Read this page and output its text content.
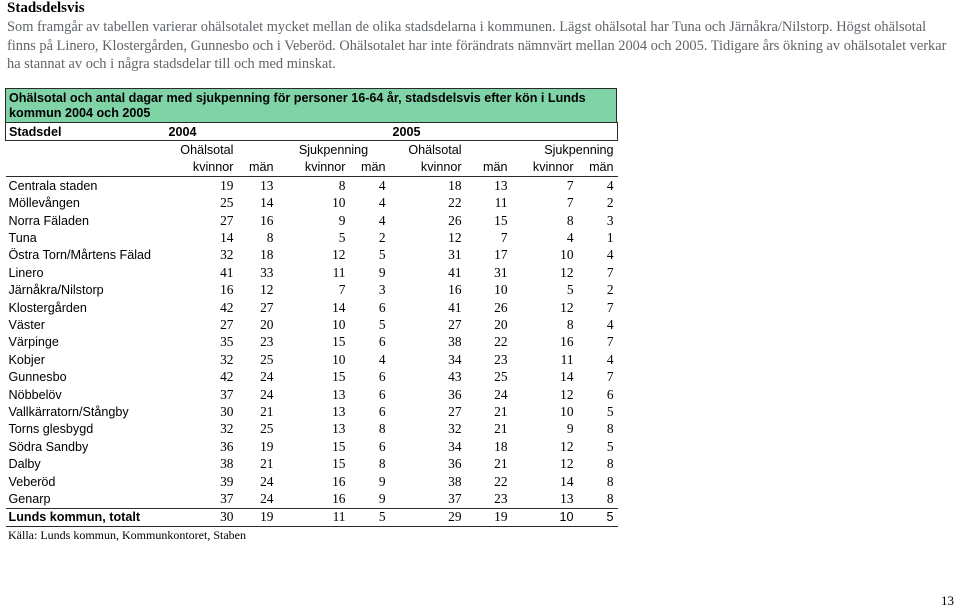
Stadsdelsvis
Som framgår av tabellen varierar ohälsotalet mycket mellan de olika stadsdelarna i kommunen. Lägst ohälsotal har Tuna och Järnåkra/Nilstorp. Högst ohälsotal finns på Linero, Klostergården, Gunnesbo och i Veberöd. Ohälsotalet har inte förändrats nämnvärt mellan 2004 och 2005. Tidigare års ökning av ohälsotalet verkar ha stannat av och i några stadsdelar till och med minskat.
Ohälsotal och antal dagar med sjukpenning för personer 16-64 år, stadsdelsvis efter kön i Lunds kommun 2004 och 2005
Stadsdel	2004				2005			
	Ohälsotal		Sjukpenning		Ohälsotal		Sjukpenning	
	kvinnor	män	kvinnor	män	kvinnor	män	kvinnor	män
Centrala staden	19	13	8	4	18	13	7	4
Möllevången	25	14	10	4	22	11	7	2
Norra Fäladen	27	16	9	4	26	15	8	3
Tuna	14	8	5	2	12	7	4	1
Östra Torn/Mårtens Fälad	32	18	12	5	31	17	10	4
Linero	41	33	11	9	41	31	12	7
Järnåkra/Nilstorp	16	12	7	3	16	10	5	2
Klostergården	42	27	14	6	41	26	12	7
Väster	27	20	10	5	27	20	8	4
Värpinge	35	23	15	6	38	22	16	7
Kobjer	32	25	10	4	34	23	11	4
Gunnesbo	42	24	15	6	43	25	14	7
Nöbbelöv	37	24	13	6	36	24	12	6
Vallkärratorn/Stångby	30	21	13	6	27	21	10	5
Torns glesbygd	32	25	13	8	32	21	9	8
Södra Sandby	36	19	15	6	34	18	12	5
Dalby	38	21	15	8	36	21	12	8
Veberöd	39	24	16	9	38	22	14	8
Genarp	37	24	16	9	37	23	13	8
Lunds kommun, totalt	30	19	11	5	29	19	10	5
Källa: Lunds kommun, Kommunkontoret, Staben
13
